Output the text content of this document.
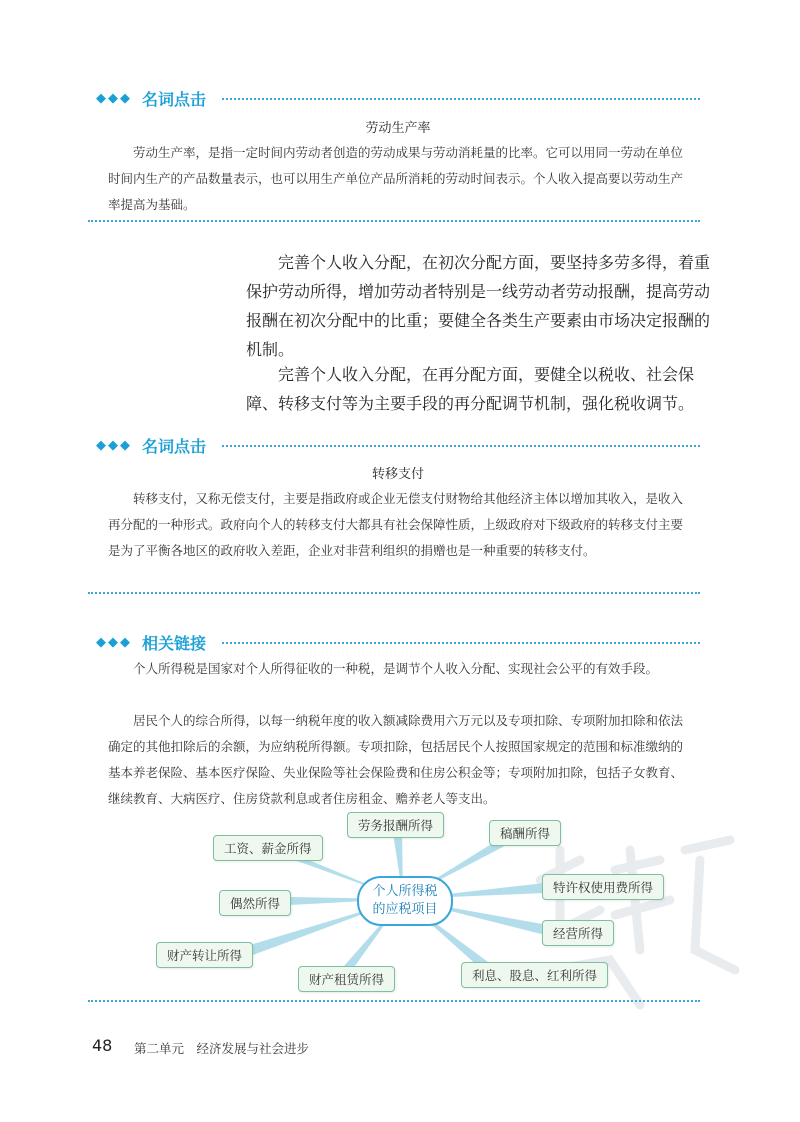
◆◆◆ 名词点击
劳动生产率

劳动生产率，是指一定时间内劳动者创造的劳动成果与劳动消耗量的比率。它可以用同一劳动在单位时间内生产的产品数量表示，也可以用生产单位产品所消耗的劳动时间表示。个人收入提高要以劳动生产率提高为基础。

完善个人收入分配，在初次分配方面，要坚持多劳多得，着重保护劳动所得，增加劳动者特别是一线劳动者劳动报酬，提高劳动报酬在初次分配中的比重；要健全各类生产要素由市场决定报酬的机制。

完善个人收入分配，在再分配方面，要健全以税收、社会保障、转移支付等为主要手段的再分配调节机制，强化税收调节。

◆◆◆ 名词点击
转移支付

转移支付，又称无偿支付，主要是指政府或企业无偿支付财物给其他经济主体以增加其收入，是收入再分配的一种形式。政府向个人的转移支付大都具有社会保障性质，上级政府对下级政府的转移支付主要是为了平衡各地区的政府收入差距，企业对非营利组织的捐赠也是一种重要的转移支付。

◆◆◆ 相关链接

个人所得税是国家对个人所得征收的一种税，是调节个人收入分配、实现社会公平的有效手段。

居民个人的综合所得，以每一纳税年度的收入额减除费用六万元以及专项扣除、专项附加扣除和依法确定的其他扣除后的余额，为应纳税所得额。专项扣除，包括居民个人按照国家规定的范围和标准缴纳的基本养老保险、基本医疗保险、失业保险等社会保险费和住房公积金等；专项附加扣除，包括子女教育、继续教育、大病医疗、住房贷款利息或者住房租金、赡养老人等支出。

个人所得税
的应税项目
工资、薪金所得
劳务报酬所得
稿酬所得
特许权使用费所得
偶然所得
经营所得
财产转让所得
财产租赁所得	利息、股息、红利所得
48 第二单元　经济发展与社会进步
